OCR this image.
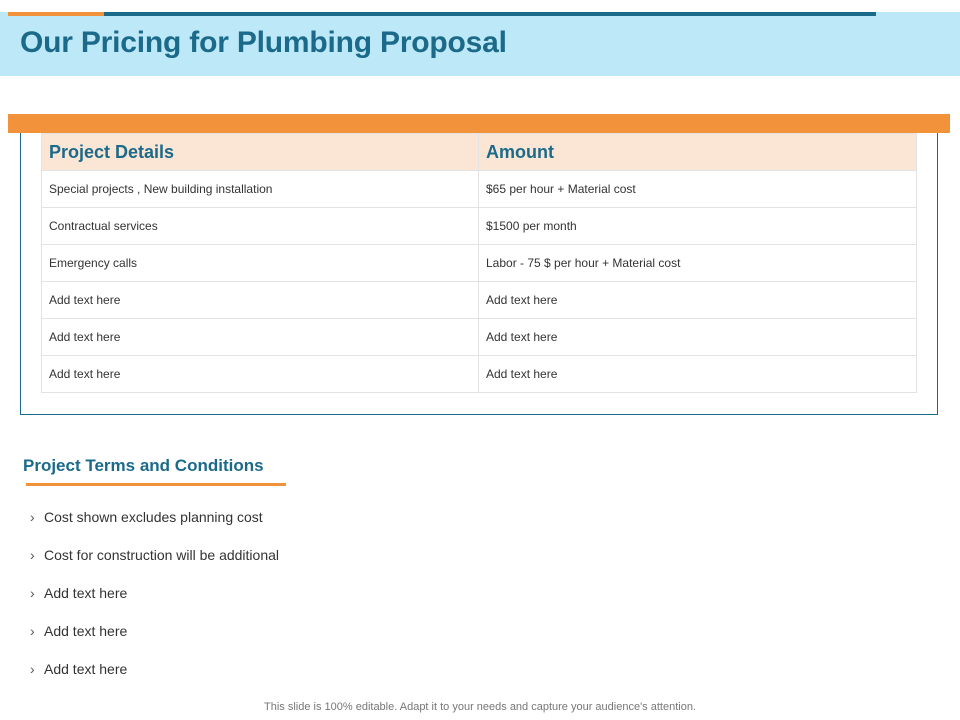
Our Pricing for Plumbing Proposal
Project Details	Amount
Special projects , New building installation	$65 per hour + Material cost
Contractual services	$1500 per month
Emergency calls	Labor - 75 $ per hour + Material cost
Add text here	Add text here
Add text here	Add text here
Add text here	Add text here
Project Terms and Conditions
› Cost shown excludes planning cost
› Cost for construction will be additional
› Add text here
› Add text here
› Add text here
This slide is 100% editable. Adapt it to your needs and capture your audience's attention.
